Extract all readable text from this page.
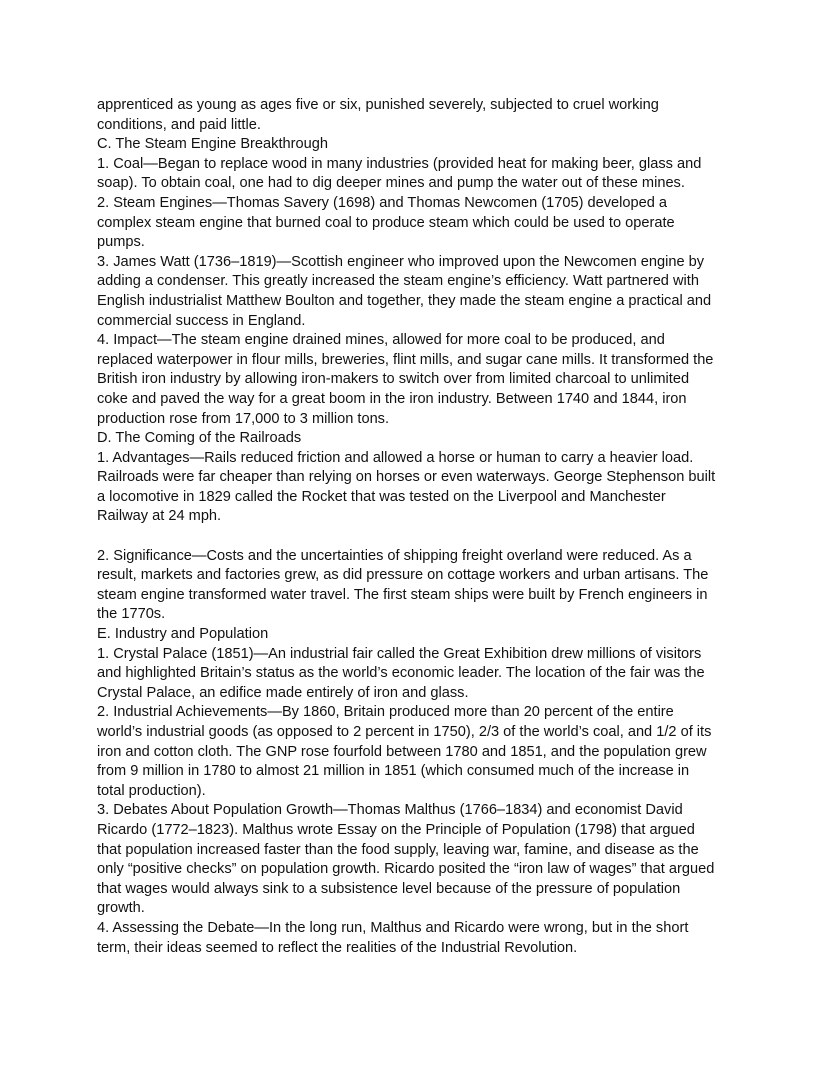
apprenticed as young as ages five or six, punished severely, subjected to cruel working
conditions, and paid little.
C. The Steam Engine Breakthrough
1. Coal—Began to replace wood in many industries (provided heat for making beer, glass and
soap). To obtain coal, one had to dig deeper mines and pump the water out of these mines.
2. Steam Engines—Thomas Savery (1698) and Thomas Newcomen (1705) developed a
complex steam engine that burned coal to produce steam which could be used to operate
pumps.
3. James Watt (1736–1819)—Scottish engineer who improved upon the Newcomen engine by
adding a condenser. This greatly increased the steam engine’s efficiency. Watt partnered with
English industrialist Matthew Boulton and together, they made the steam engine a practical and
commercial success in England.
4. Impact—The steam engine drained mines, allowed for more coal to be produced, and
replaced waterpower in flour mills, breweries, flint mills, and sugar cane mills. It transformed the
British iron industry by allowing iron-makers to switch over from limited charcoal to unlimited
coke and paved the way for a great boom in the iron industry. Between 1740 and 1844, iron
production rose from 17,000 to 3 million tons.
D. The Coming of the Railroads
1. Advantages—Rails reduced friction and allowed a horse or human to carry a heavier load.
Railroads were far cheaper than relying on horses or even waterways. George Stephenson built
a locomotive in 1829 called the Rocket that was tested on the Liverpool and Manchester
Railway at 24 mph.
2. Significance—Costs and the uncertainties of shipping freight overland were reduced. As a
result, markets and factories grew, as did pressure on cottage workers and urban artisans. The
steam engine transformed water travel. The first steam ships were built by French engineers in
the 1770s.
E. Industry and Population
1. Crystal Palace (1851)—An industrial fair called the Great Exhibition drew millions of visitors
and highlighted Britain’s status as the world’s economic leader. The location of the fair was the
Crystal Palace, an edifice made entirely of iron and glass.
2. Industrial Achievements—By 1860, Britain produced more than 20 percent of the entire
world’s industrial goods (as opposed to 2 percent in 1750), 2/3 of the world’s coal, and 1/2 of its
iron and cotton cloth. The GNP rose fourfold between 1780 and 1851, and the population grew
from 9 million in 1780 to almost 21 million in 1851 (which consumed much of the increase in
total production).
3. Debates About Population Growth—Thomas Malthus (1766–1834) and economist David
Ricardo (1772–1823). Malthus wrote Essay on the Principle of Population (1798) that argued
that population increased faster than the food supply, leaving war, famine, and disease as the
only “positive checks” on population growth. Ricardo posited the “iron law of wages” that argued
that wages would always sink to a subsistence level because of the pressure of population
growth.
4. Assessing the Debate—In the long run, Malthus and Ricardo were wrong, but in the short
term, their ideas seemed to reflect the realities of the Industrial Revolution.
